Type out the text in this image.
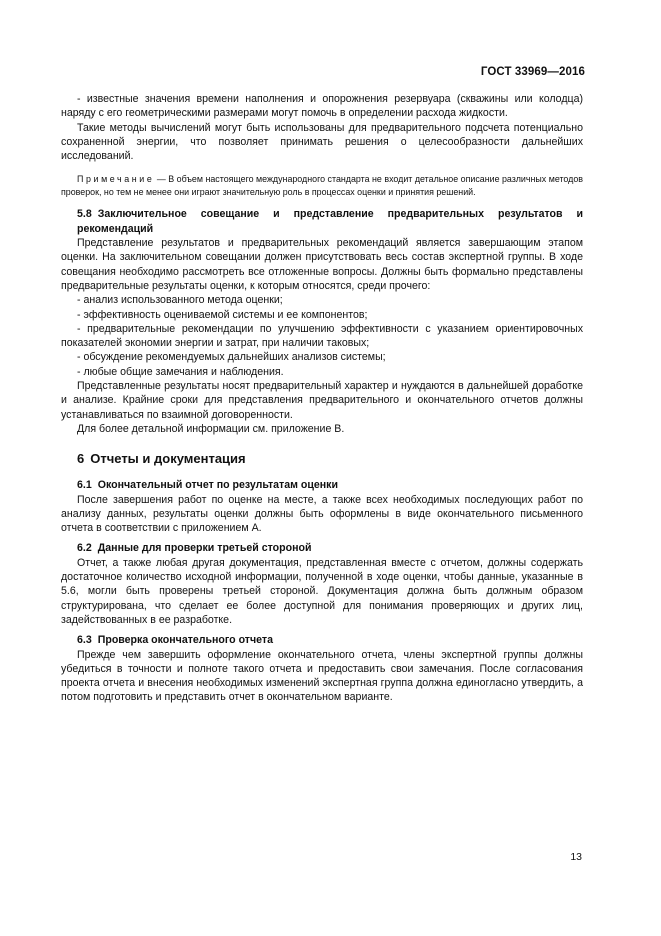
ГОСТ 33969—2016

- известные значения времени наполнения и опорожнения резервуара (скважины или колодца) наряду с его геометрическими размерами могут помочь в определении расхода жидкости.

Такие методы вычислений могут быть использованы для предварительного подсчета потенциально сохраненной энергии, что позволяет принимать решения о целесообразности дальнейших исследований.

Примечание — В объем настоящего международного стандарта не входит детальное описание различных методов проверок, но тем не менее они играют значительную роль в процессах оценки и принятия решений.
5.8 Заключительное совещание и представление предварительных результатов и рекомендаций

Представление результатов и предварительных рекомендаций является завершающим этапом оценки. На заключительном совещании должен присутствовать весь состав экспертной группы. В ходе совещания необходимо рассмотреть все отложенные вопросы. Должны быть формально представлены предварительные результаты оценки, к которым относятся, среди прочего:

- анализ использованного метода оценки;

- эффективность оцениваемой системы и ее компонентов;

- предварительные рекомендации по улучшению эффективности с указанием ориентировочных показателей экономии энергии и затрат, при наличии таковых;

- обсуждение рекомендуемых дальнейших анализов системы;

- любые общие замечания и наблюдения.

Представленные результаты носят предварительный характер и нуждаются в дальнейшей доработке и анализе. Крайние сроки для представления предварительного и окончательного отчетов должны устанавливаться по взаимной договоренности.

Для более детальной информации см. приложение В.

6 Отчеты и документация
6.1 Окончательный отчет по результатам оценки

После завершения работ по оценке на месте, а также всех необходимых последующих работ по анализу данных, результаты оценки должны быть оформлены в виде окончательного письменного отчета в соответствии с приложением А.

6.2 Данные для проверки третьей стороной

Отчет, а также любая другая документация, представленная вместе с отчетом, должны содержать достаточное количество исходной информации, полученной в ходе оценки, чтобы данные, указанные в 5.6, могли быть проверены третьей стороной. Документация должна быть должным образом структурирована, что сделает ее более доступной для понимания проверяющих и других лиц, задействованных в ее разработке.

6.3 Проверка окончательного отчета

Прежде чем завершить оформление окончательного отчета, члены экспертной группы должны убедиться в точности и полноте такого отчета и предоставить свои замечания. После согласования проекта отчета и внесения необходимых изменений экспертная группа должна единогласно утвердить, а потом подготовить и представить отчет в окончательном варианте.

13
